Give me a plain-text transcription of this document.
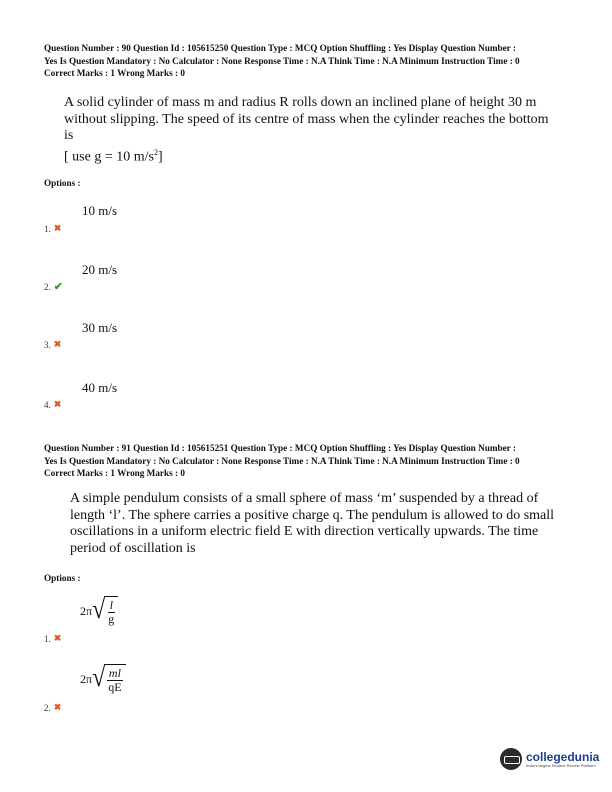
Question Number : 90 Question Id : 105615250 Question Type : MCQ Option Shuffling : Yes Display Question Number :
Yes Is Question Mandatory : No Calculator : None Response Time : N.A Think Time : N.A Minimum Instruction Time : 0
Correct Marks : 1 Wrong Marks : 0
A solid cylinder of mass m and radius R rolls down an inclined plane of height 30 m
without slipping. The speed of its centre of mass when the cylinder reaches the bottom
is
[ use g = 10 $m/s^2$]
Options :
10 m/s
1. ✖
20 m/s
2. ✔
30 m/s
3. ✖
40 m/s
4. ✖
Question Number : 91 Question Id : 105615251 Question Type : MCQ Option Shuffling : Yes Display Question Number :
Yes Is Question Mandatory : No Calculator : None Response Time : N.A Think Time : N.A Minimum Instruction Time : 0
Correct Marks : 1 Wrong Marks : 0
A simple pendulum consists of a small sphere of mass ‘m’ suspended by a thread of
length ‘l’. The sphere carries a positive charge q. The pendulum is allowed to do small
oscillations in a uniform electric field E with direction vertically upwards. The time
period of oscillation is
Options :
2π √ $\frac{l}{g}$
1. ✖
2π √ $\frac{ml}{qE}$
2. ✖
collegedunia
India's largest Student Review Platform
